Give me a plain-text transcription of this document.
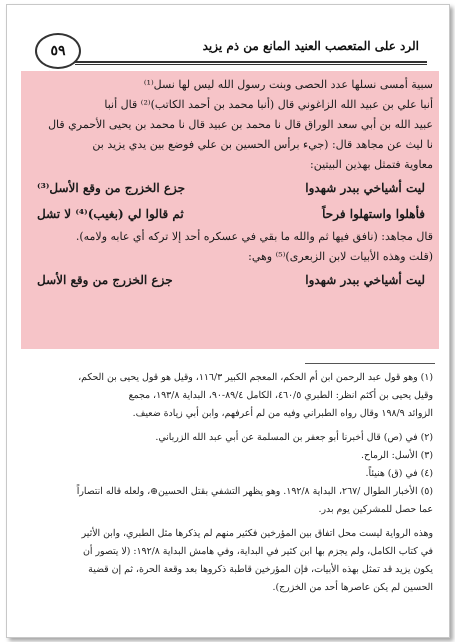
٥٩	الرد على المتعصب العنيد المانع من ذم يزيد
سبية أمسى نسلها عدد الحصى وبنت رسول الله ليس لها نسل⁽¹⁾
أنبا علي بن عبيد الله الزاغوني قال (أنبا محمد بن أحمد الكاتب)⁽²⁾ قال أنبا
عبيد الله بن أبي سعد الوراق قال نا محمد بن عبيد قال نا محمد بن يحيى الأحمري قال
نا ليث عن مجاهد قال: (جيء برأس الحسين بن علي فوضع بين يدي يزيد بن
معاوية فتمثل بهذين البيتين:
ليت أشياخي ببدر شهدوا
جزع الخزرج من وقع الأسل⁽³⁾
فأهلوا واستهلوا فرحاً
ثم قالوا لي (بغيب)⁽⁴⁾ لا تشل
قال مجاهد: (نافق فيها ثم والله ما بقي في عسكره أحد إلا تركه أي عابه ولامه).
(قلت وهذه الأبيات لابن الزبعرى)⁽⁵⁾ وهي:
ليت أشياخي ببدر شهدوا
جزع الخزرج من وقع الأسل
(١) وهو قول عبد الرحمن ابن أم الحكم، المعجم الكبير ١١٦/٣، وقيل هو قول يحيى بن الحكم،
وقيل يحيى بن أكثم انظر: الطبري ٤٦٠/٥، الكامل ٨٩/٤-٩٠، البداية ١٩٣/٨، مجمع
الزوائد ١٩٨/٩ وقال رواه الطبراني وفيه من لم أعرفهم، وابن أبي زيادة ضعيف.
(٢) في (ص) قال أخبرنا أبو جعفر بن المسلمة عن أبي عبد الله الزرباني.
(٣) الأسل: الرماح.
(٤) في (ق) هنيئاً.
(٥) الأخبار الطوال /٢٦٧، البداية ١٩٢/٨. وهو يظهر التشفي بقتل الحسين⊕، ولعله قاله انتصاراً
عما حصل للمشركين يوم بدر.
وهذه الرواية ليست محل اتفاق بين المؤرخين فكثير منهم لم يذكرها مثل الطبري، وابن الأثير
في كتاب الكامل، ولم يجزم بها ابن كثير في البداية، وفي هامش البداية ١٩٢/٨: (لا يتصور أن
يكون يزيد قد تمثل بهذه الأبيات، فإن المؤرخين قاطبة ذكروها بعد وقعة الحرة، ثم إن قضية
الحسين لم يكن عاصرها أحد من الخزرج).
